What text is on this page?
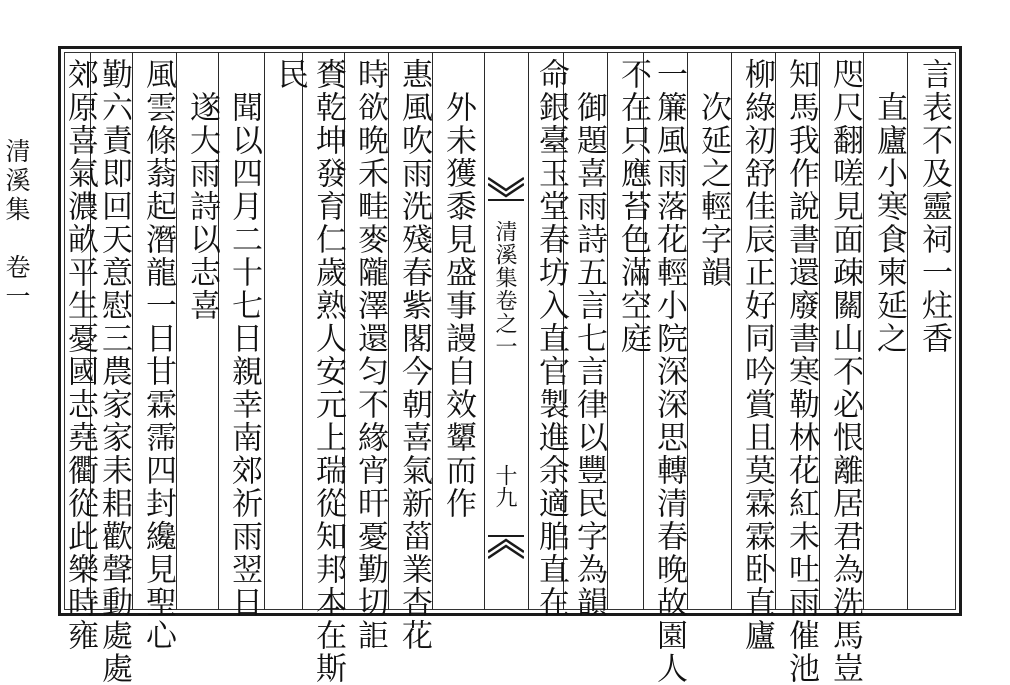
清溪集　卷一	言表不及靈祠一炷香
　直廬小寒食柬延之
咫尺翻嗟見面疎關山不必恨離居君為洗馬豈
知馬我作說書還廢書寒勒林花紅未吐雨催池
柳綠初舒佳辰正好同吟賞且莫霖霖卧直廬
　次延之輕字韻
一簾風雨落花輕小院深深思轉清春晚故園人
不在只應苔色滿空庭
　御題喜雨詩五言七言律以豐民字為韻
命銀臺玉堂春坊入直官製進余適䏨直在
清溪集卷之一
十九
　外未獲黍見盛事謾自效顰而作
惠風吹雨洗殘春紫閣今朝喜氣新菑業杏花
時欲晩禾畦麥隴澤還匀不緣宵旰憂勤切詎
賚乾坤發育仁歲熟人安元上瑞從知邦本在斯
民
　聞以四月二十七日親幸南郊祈雨翌日
　遂大雨詩以志喜
風雲條蓊起潛龍一日甘霖霈四封纔見聖心
勤六責即回天意慰三農家家耒耜歡聲動處處
郊原喜氣濃畝平生憂國志堯衢從此樂時雍
